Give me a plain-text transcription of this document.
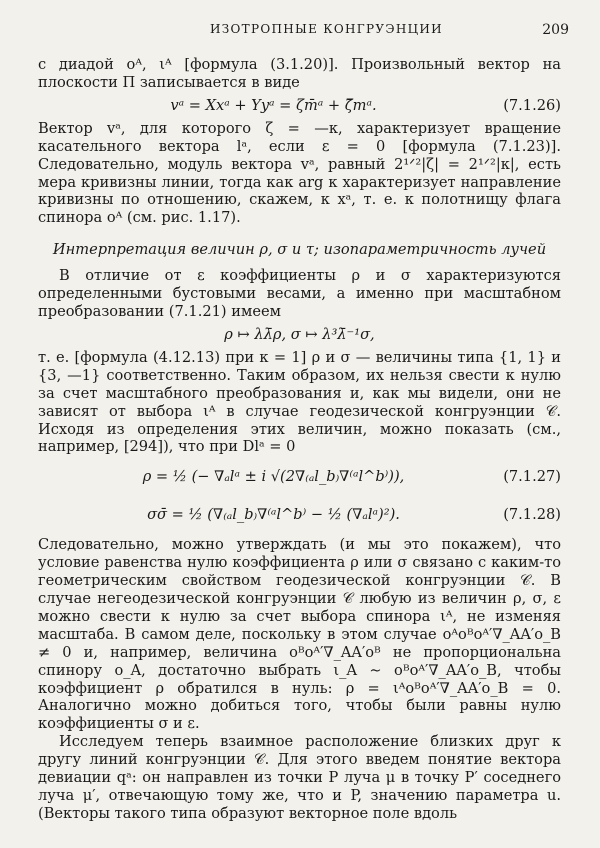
ИЗОТРОПНЫЕ КОНГРУЭНЦИИ	209

с диадой oᴬ, ιᴬ [формула (3.1.20)]. Произвольный вектор на плоскости Π записывается в виде

vᵃ = Xxᵃ + Yyᵃ = ζm̄ᵃ + ζ̄mᵃ.	(7.1.26)

Вектор vᵃ, для которого ζ = —κ, характеризует вращение касательного вектора lᵃ, если ε = 0 [формула (7.1.23)]. Следовательно, модуль вектора vᵃ, равный 2¹ᐟ²|ζ| = 2¹ᐟ²|κ|, есть мера кривизны линии, тогда как arg κ характеризует направление кривизны по отношению, скажем, к xᵃ, т. е. к полотнищу флага спинора oᴬ (см. рис. 1.17).

Интерпретация величин ρ, σ и τ; изопараметричность лучей

В отличие от ε коэффициенты ρ и σ характеризуются определенными бустовыми весами, а именно при масштабном преобразовании (7.1.21) имеем

ρ ↦ λλ̄ρ, σ ↦ λ³λ̄⁻¹σ,

т. е. [формула (4.12.13) при κ = 1] ρ и σ — величины типа {1, 1} и {3, —1} соответственно. Таким образом, их нельзя свести к нулю за счет масштабного преобразования и, как мы видели, они не зависят от выбора ιᴬ в случае геодезической конгруэнции 𝒞. Исходя из определения этих величин, можно показать (см., например, [294]), что при Dlᵃ = 0

ρ = ½ (− ∇ₐlᵃ ± i √(2∇₍ₐl_b₎∇⁽ᵃl^b⁾)),	(7.1.27)
σσ̄ = ½ (∇₍ₐl_b₎∇⁽ᵃl^b⁾ − ½ (∇ₐlᵃ)²).	(7.1.28)

Следовательно, можно утверждать (и мы это покажем), что условие равенства нулю коэффициента ρ или σ связано с каким-то геометрическим свойством геодезической конгруэнции 𝒞. В случае негеодезической конгруэнции 𝒞 любую из величин ρ, σ, ε можно свести к нулю за счет выбора спинора ιᴬ, не изменяя масштаба. В самом деле, поскольку в этом случае oᴬoᴮoᴬ′∇_AA′o_B ≠ 0 и, например, величина oᴮoᴬ′∇_AA′oᴮ не пропорциональна спинору o_A, достаточно выбрать ι_A ∼ oᴮoᴬ′∇_AA′o_B, чтобы коэффициент ρ обратился в нуль: ρ = ιᴬoᴮoᴬ′∇_AA′o_B = 0. Аналогично можно добиться того, чтобы были равны нулю коэффициенты σ и ε.

Исследуем теперь взаимное расположение близких друг к другу линий конгруэнции 𝒞. Для этого введем понятие вектора девиации qᵃ: он направлен из точки P луча μ в точку P′ соседнего луча μ′, отвечающую тому же, что и P, значению параметра u. (Векторы такого типа образуют векторное поле вдоль
